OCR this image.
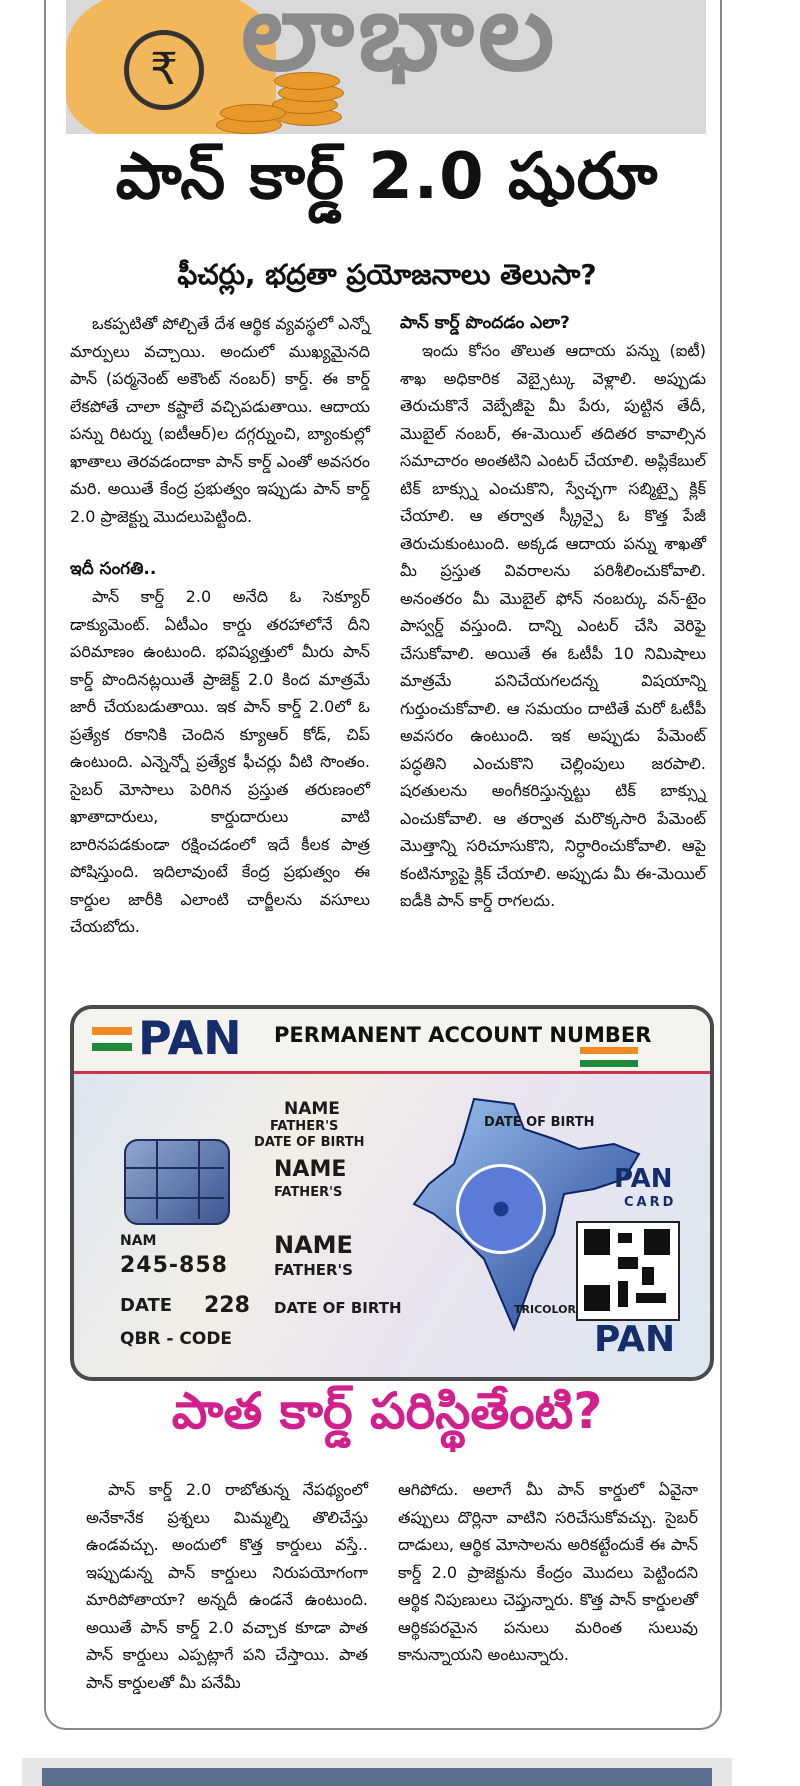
₹ లాభాల
పాన్ కార్డ్ 2.0 షురూ
ఫీచర్లు, భద్రతా ప్రయోజనాలు తెలుసా?

ఒకప్పటితో పోల్చితే దేశ ఆర్థిక వ్యవస్థలో ఎన్నో మార్పులు వచ్చాయి. అందులో ముఖ్యమైనది పాన్ (పర్మనెంట్ అకౌంట్ నంబర్) కార్డ్. ఈ కార్డ్ లేకపోతే చాలా కష్టాలే వచ్చిపడుతాయి. ఆదాయ పన్ను రిటర్ను (ఐటీఆర్)ల దగ్గర్నుంచి, బ్యాంకుల్లో ఖాతాలు తెరవడందాకా పాన్ కార్డ్ ఎంతో అవసరం మరి. అయితే కేంద్ర ప్రభుత్వం ఇప్పుడు పాన్ కార్డ్ 2.0 ప్రాజెక్ట్ను మొదలుపెట్టింది.

ఇదీ సంగతి..

పాన్ కార్డ్ 2.0 అనేది ఓ సెక్యూర్ డాక్యుమెంట్. ఏటీఎం కార్డు తరహాలోనే దీని పరిమాణం ఉంటుంది. భవిష్యత్తులో మీరు పాన్ కార్డ్ పొందినట్లయితే ప్రాజెక్ట్ 2.0 కింద మాత్రమే జారీ చేయబడుతాయి. ఇక పాన్ కార్డ్ 2.0లో ఓ ప్రత్యేక రకానికి చెందిన క్యూఆర్ కోడ్, చిప్ ఉంటుంది. ఎన్నెన్నో ప్రత్యేక ఫీచర్లు వీటి సొంతం. సైబర్ మోసాలు పెరిగిన ప్రస్తుత తరుణంలో ఖాతాదారులు, కార్డుదారులు వాటి బారినపడకుండా రక్షించడంలో ఇదే కీలక పాత్ర పోషిస్తుంది. ఇదిలావుంటే కేంద్ర ప్రభుత్వం ఈ కార్డుల జారీకి ఎలాంటి చార్జీలను వసూలు చేయబోదు.

పాన్ కార్డ్ పొందడం ఎలా?

ఇందు కోసం తొలుత ఆదాయ పన్ను (ఐటీ) శాఖ అధికారిక వెబ్సైట్కు వెళ్లాలి. అప్పుడు తెరుచుకొనే వెబ్పేజీపై మీ పేరు, పుట్టిన తేదీ, మొబైల్ నంబర్, ఈ-మెయిల్ తదితర కావాల్సిన సమాచారం అంతటిని ఎంటర్ చేయాలి. అప్లికేబుల్ టిక్ బాక్స్ను ఎంచుకొని, స్వేచ్ఛగా సబ్మిట్పై క్లిక్ చేయాలి. ఆ తర్వాత స్క్రీన్పై ఓ కొత్త పేజీ తెరుచుకుంటుంది. అక్కడ ఆదాయ పన్ను శాఖతో మీ ప్రస్తుత వివరాలను పరిశీలించుకోవాలి. అనంతరం మీ మొబైల్ ఫోన్ నంబర్కు వన్-టైం పాస్వర్డ్ వస్తుంది. దాన్ని ఎంటర్ చేసి వెరిఫై చేసుకోవాలి. అయితే ఈ ఓటీపీ 10 నిమిషాలు మాత్రమే పనిచేయగలదన్న విషయాన్ని గుర్తుంచుకోవాలి. ఆ సమయం దాటితే మరో ఓటీపీ అవసరం ఉంటుంది. ఇక అప్పుడు పేమెంట్ పద్ధతిని ఎంచుకొని చెల్లింపులు జరపాలి. షరతులను అంగీకరిస్తున్నట్టు టిక్ బాక్స్ను ఎంచుకోవాలి. ఆ తర్వాత మరొక్కసారి పేమెంట్ మొత్తాన్ని సరిచూసుకొని, నిర్ధారించుకోవాలి. ఆపై కంటిన్యూపై క్లిక్ చేయాలి. అప్పుడు మీ ఈ-మెయిల్ ఐడీకి పాన్ కార్డ్ రాగలదు.

PAN PERMANENT ACCOUNT NUMBER
NAME
FATHER'S
DATE OF BIRTH
NAME
FATHER'S
NAME
FATHER'S
DATE OF BIRTH
DATE OF BIRTH
PAN
CARD
TRICOLOR
PAN
NAM
245-858
DATE 228
QBR - CODE
పాత కార్డ్ పరిస్థితేంటి?

పాన్ కార్డ్ 2.0 రాబోతున్న నేపథ్యంలో అనేకానేక ప్రశ్నలు మిమ్మల్ని తొలిచేస్తు ఉండవచ్చు. అందులో కొత్త కార్డులు వస్తే.. ఇప్పుడున్న పాన్ కార్డులు నిరుపయోగంగా మారిపోతాయా? అన్నదీ ఉండనే ఉంటుంది. అయితే పాన్ కార్డ్ 2.0 వచ్చాక కూడా పాత పాన్ కార్డులు ఎప్పట్లాగే పని చేస్తాయి. పాత పాన్ కార్డులతో మీ పనేమీ

ఆగిపోదు. అలాగే మీ పాన్ కార్డులో ఏవైనా తప్పులు దొర్లినా వాటిని సరిచేసుకోవచ్చు. సైబర్ దాడులు, ఆర్థిక మోసాలను అరికట్టేందుకే ఈ పాన్ కార్డ్ 2.0 ప్రాజెక్టును కేంద్రం మొదలు పెట్టిందని ఆర్థిక నిపుణులు చెప్తున్నారు. కొత్త పాన్ కార్డులతో ఆర్థికపరమైన పనులు మరింత సులువు కానున్నాయని అంటున్నారు.
